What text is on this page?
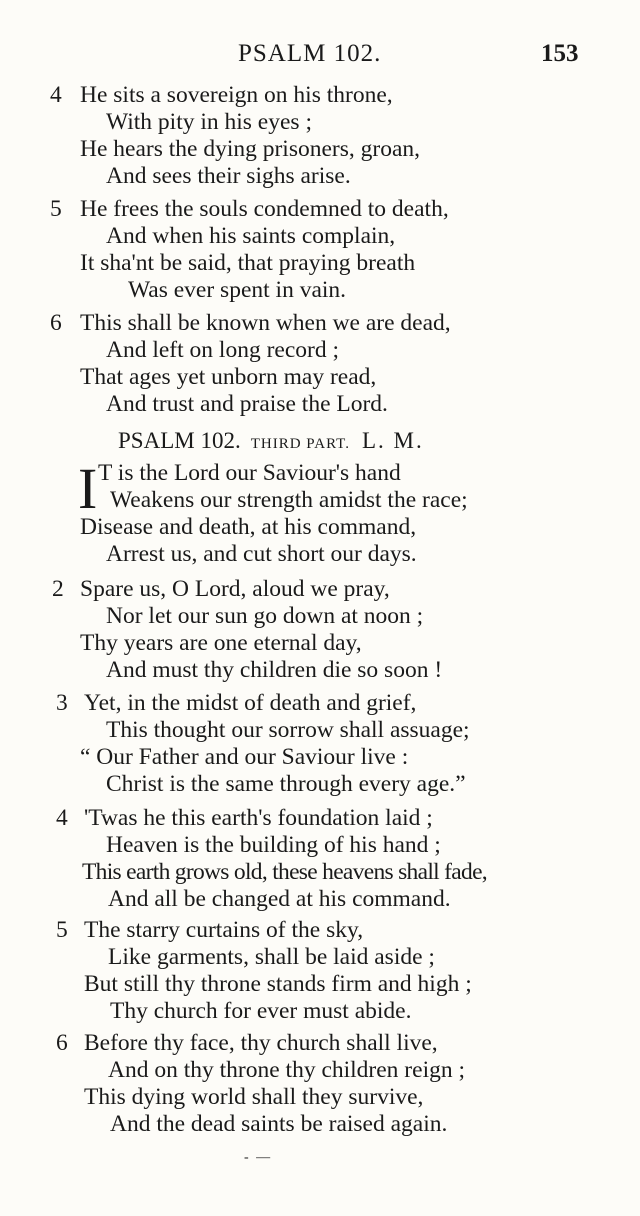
PSALM 102.	153
4 He sits a sovereign on his throne,
With pity in his eyes ;
He hears the dying prisoners, groan,
And sees their sighs arise.
5 He frees the souls condemned to death,
And when his saints complain,
It sha'nt be said, that praying breath
Was ever spent in vain.
6 This shall be known when we are dead,
And left on long record ;
That ages yet unborn may read,
And trust and praise the Lord.
PSALM 102. THIRD PART. L. M.
I T is the Lord our Saviour's hand
Weakens our strength amidst the race;
Disease and death, at his command,
Arrest us, and cut short our days.
2 Spare us, O Lord, aloud we pray,
Nor let our sun go down at noon ;
Thy years are one eternal day,
And must thy children die so soon !
3 Yet, in the midst of death and grief,
This thought our sorrow shall assuage;
“ Our Father and our Saviour live :
Christ is the same through every age.”
4 'Twas he this earth's foundation laid ;
Heaven is the building of his hand ;
This earth grows old, these heavens shall fade,
And all be changed at his command.
5 The starry curtains of the sky,
Like garments, shall be laid aside ;
But still thy throne stands firm and high ;
Thy church for ever must abide.
6 Before thy face, thy church shall live,
And on thy throne thy children reign ;
This dying world shall they survive,
And the dead saints be raised again.
- —
